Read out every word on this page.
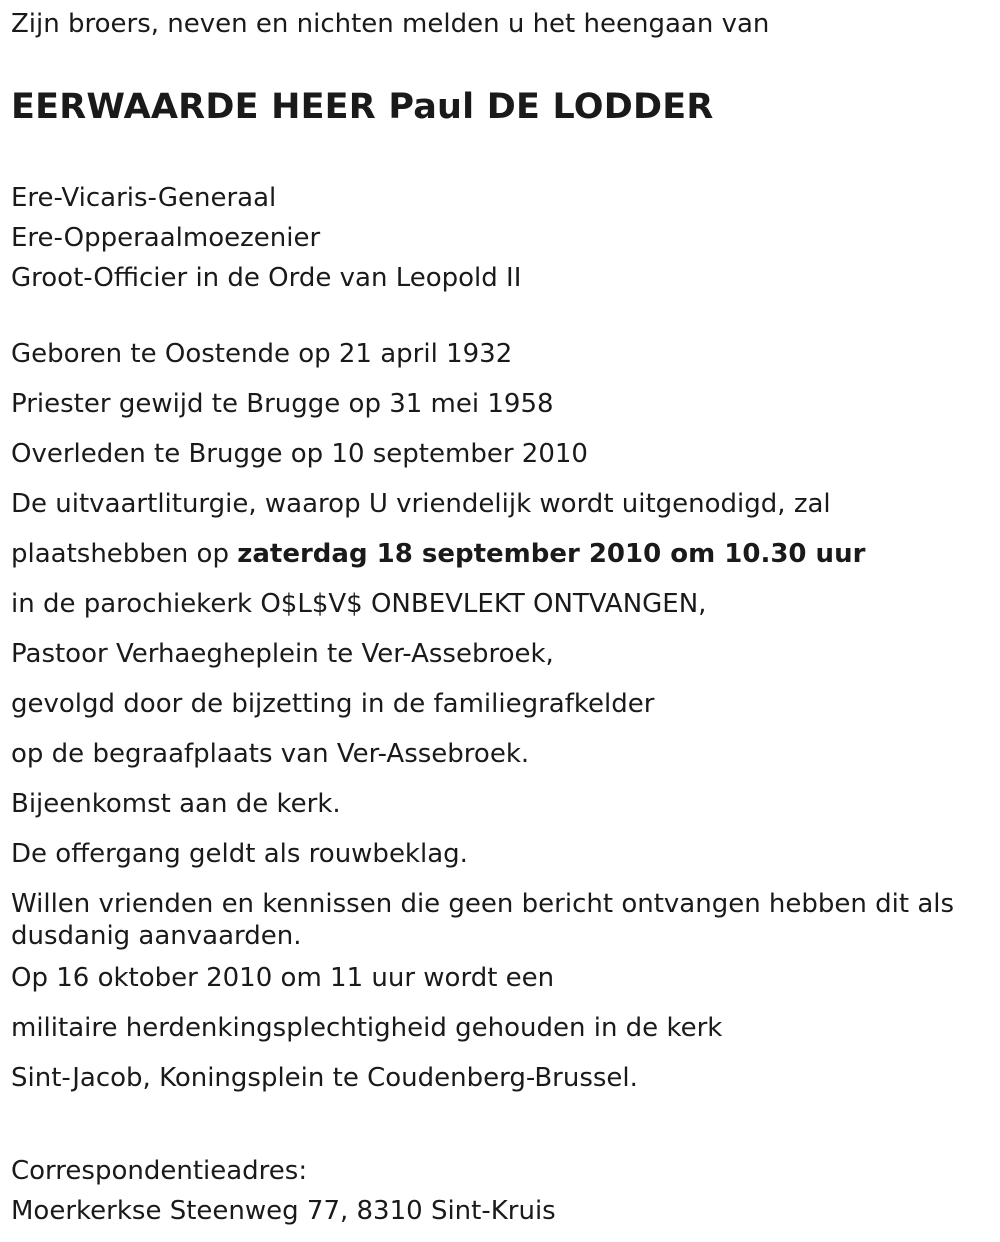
Zijn broers, neven en nichten melden u het heengaan van

EERWAARDE HEER Paul DE LODDER

Ere-Vicaris-Generaal

Ere-Opperaalmoezenier

Groot-Officier in de Orde van Leopold II

Geboren te Oostende op 21 april 1932

Priester gewijd te Brugge op 31 mei 1958

Overleden te Brugge op 10 september 2010

De uitvaartliturgie, waarop U vriendelijk wordt uitgenodigd, zal

plaatshebben op zaterdag 18 september 2010 om 10.30 uur

in de parochiekerk O$L$V$ ONBEVLEKT ONTVANGEN,

Pastoor Verhaegheplein te Ver-Assebroek,

gevolgd door de bijzetting in de familiegrafkelder

op de begraafplaats van Ver-Assebroek.

Bijeenkomst aan de kerk.

De offergang geldt als rouwbeklag.

Willen vrienden en kennissen die geen bericht ontvangen hebben dit als dusdanig aanvaarden.

Op 16 oktober 2010 om 11 uur wordt een

militaire herdenkingsplechtigheid gehouden in de kerk

Sint-Jacob, Koningsplein te Coudenberg-Brussel.

Correspondentieadres:

Moerkerkse Steenweg 77, 8310 Sint-Kruis
